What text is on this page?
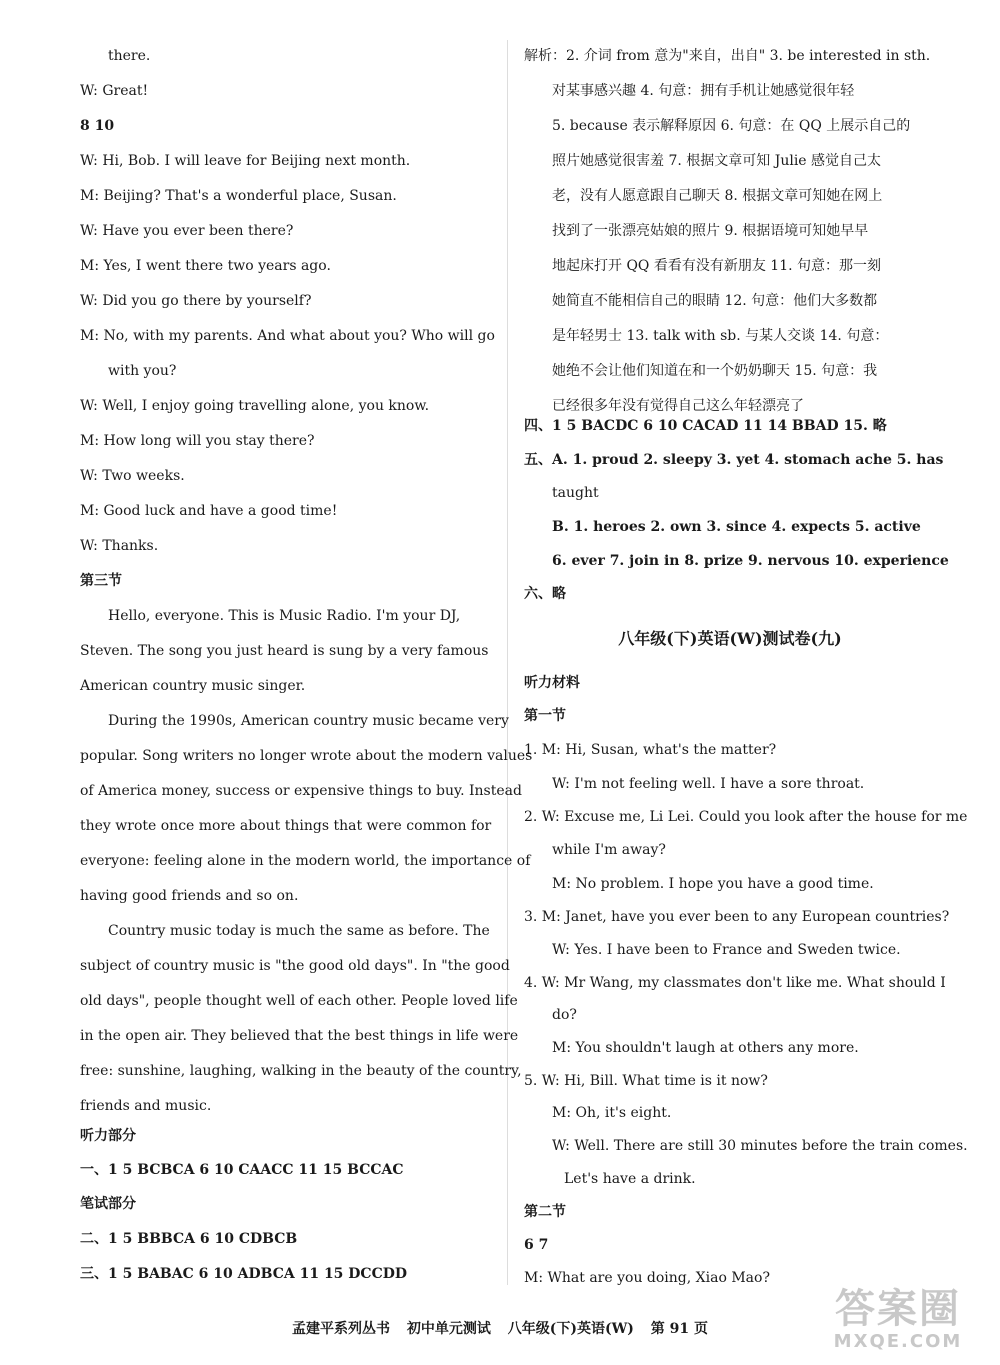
there.
W: Great!
8 10
W: Hi, Bob. I will leave for Beijing next month.
M: Beijing? That's a wonderful place, Susan.
W: Have you ever been there?
M: Yes, I went there two years ago.
W: Did you go there by yourself?
M: No, with my parents. And what about you? Who will go
with you?
W: Well, I enjoy going travelling alone, you know.
M: How long will you stay there?
W: Two weeks.
M: Good luck and have a good time!
W: Thanks.
第三节
Hello, everyone. This is Music Radio. I'm your DJ,
Steven. The song you just heard is sung by a very famous
American country music singer.
During the 1990s, American country music became very
popular. Song writers no longer wrote about the modern values
of America money, success or expensive things to buy. Instead
they wrote once more about things that were common for
everyone: feeling alone in the modern world, the importance of
having good friends and so on.
Country music today is much the same as before. The
subject of country music is "the good old days". In "the good
old days", people thought well of each other. People loved life
in the open air. They believed that the best things in life were
free: sunshine, laughing, walking in the beauty of the country,
friends and music.
听力部分
一、1 5 BCBCA 6 10 CAACC 11 15 BCCAC
笔试部分
二、1 5 BBBCA 6 10 CDBCB
三、1 5 BABAC 6 10 ADBCA 11 15 DCCDD
解析：2. 介词 from 意为"来自，出自" 3. be interested in sth.
对某事感兴趣 4. 句意：拥有手机让她感觉很年轻
5. because 表示解释原因 6. 句意：在 QQ 上展示自己的
照片她感觉很害羞 7. 根据文章可知 Julie 感觉自己太
老，没有人愿意跟自己聊天 8. 根据文章可知她在网上
找到了一张漂亮姑娘的照片 9. 根据语境可知她早早
地起床打开 QQ 看看有没有新朋友 11. 句意：那一刻
她简直不能相信自己的眼睛 12. 句意：他们大多数都
是年轻男士 13. talk with sb. 与某人交谈 14. 句意：
她绝不会让他们知道在和一个奶奶聊天 15. 句意：我
已经很多年没有觉得自己这么年轻漂亮了
四、1 5 BACDC 6 10 CACAD 11 14 BBAD 15. 略
五、A. 1. proud 2. sleepy 3. yet 4. stomach ache 5. has
taught
B. 1. heroes 2. own 3. since 4. expects 5. active
6. ever 7. join in 8. prize 9. nervous 10. experience
六、略
八年级(下)英语(W)测试卷(九)
听力材料
第一节
1. M: Hi, Susan, what's the matter?
W: I'm not feeling well. I have a sore throat.
2. W: Excuse me, Li Lei. Could you look after the house for me
while I'm away?
M: No problem. I hope you have a good time.
3. M: Janet, have you ever been to any European countries?
W: Yes. I have been to France and Sweden twice.
4. W: Mr Wang, my classmates don't like me. What should I
do?
M: You shouldn't laugh at others any more.
5. W: Hi, Bill. What time is it now?
M: Oh, it's eight.
W: Well. There are still 30 minutes before the train comes.
Let's have a drink.
第二节
6 7
M: What are you doing, Xiao Mao?
孟建平系列丛书 初中单元测试 八年级(下)英语(W) 第 91 页	答案圈
MXQE.COM
